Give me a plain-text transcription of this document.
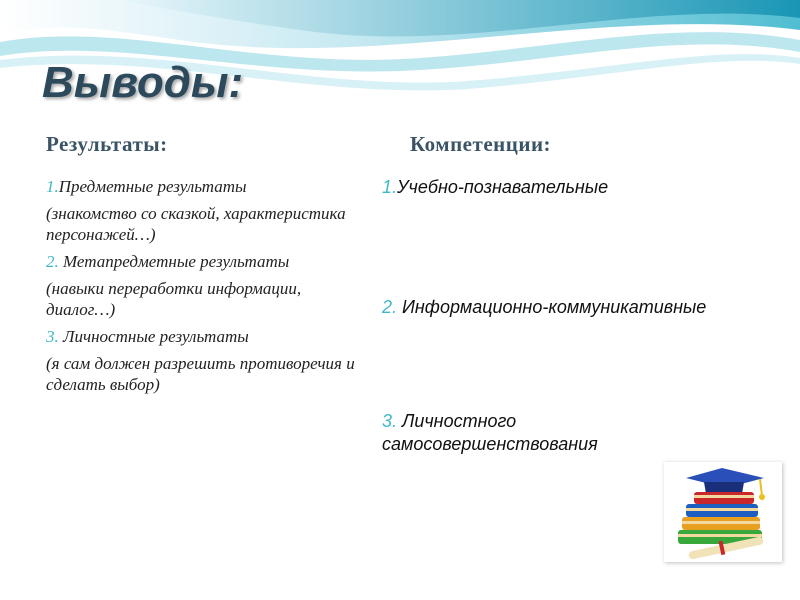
Выводы:
Результаты:	Компетенции:

1.Предметные результаты

(знакомство со сказкой, характеристика персонажей…)

2. Метапредметные результаты

(навыки переработки информации, диалог…)

3. Личностные результаты

(я сам должен разрешить противоречия и сделать выбор)

1.Учебно-познавательные
2. Информационно-коммуникативные
3. Личностного самосовершенствования
